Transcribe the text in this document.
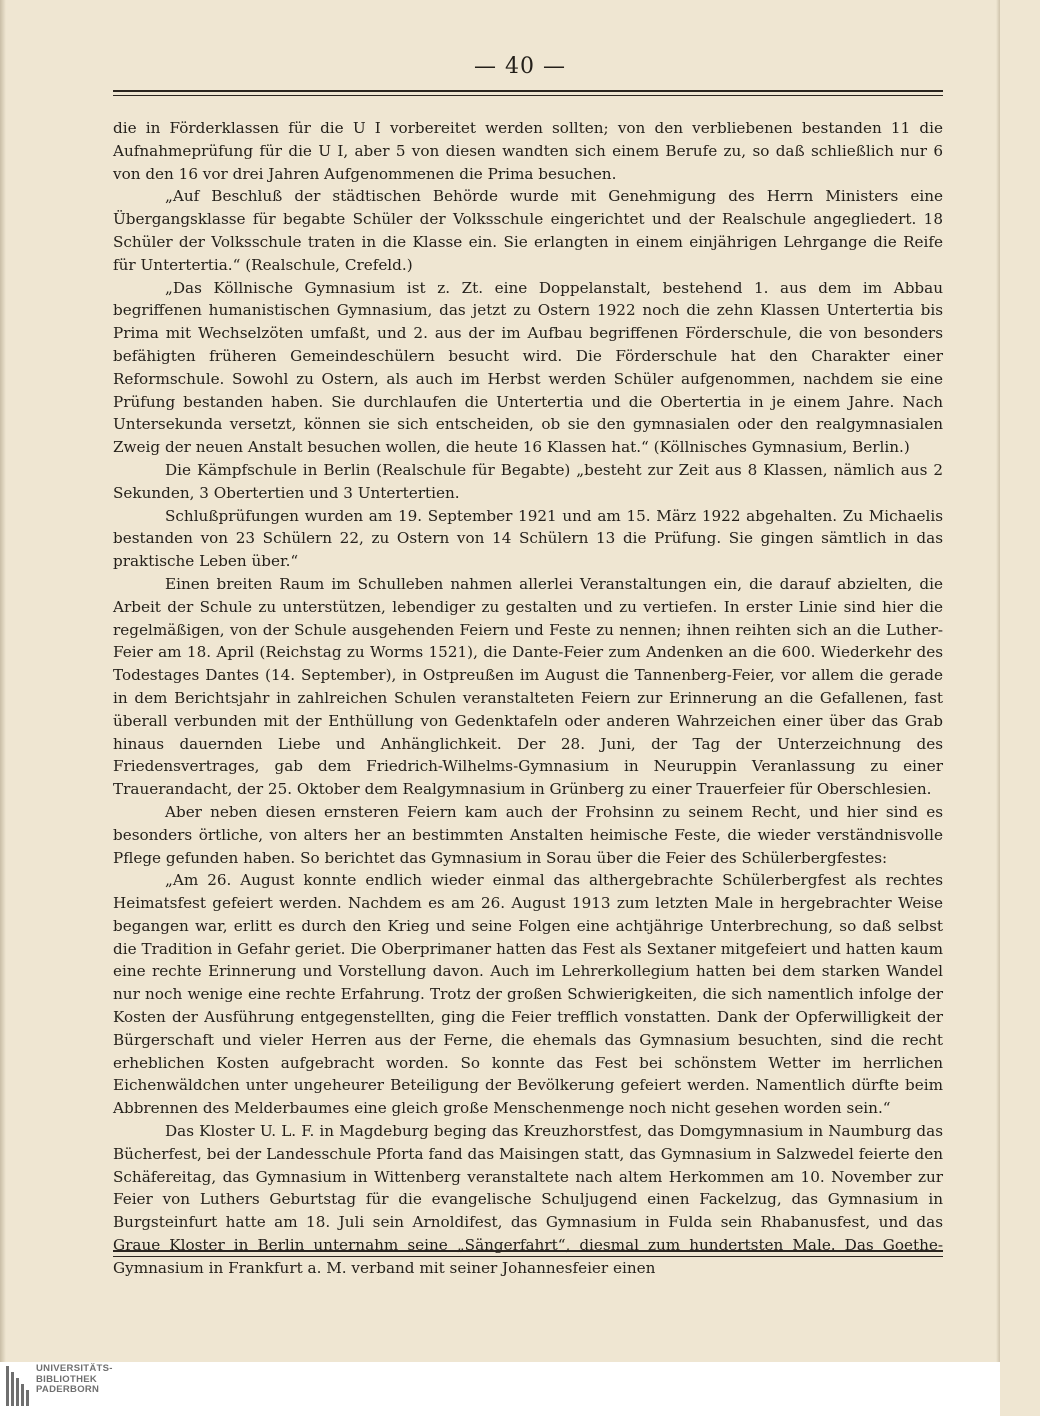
— 40 —

die in Förderklassen für die U I vorbereitet werden sollten; von den verbliebenen bestanden 11 die Aufnahmeprüfung für die U I, aber 5 von diesen wandten sich einem Berufe zu, so daß schließlich nur 6 von den 16 vor drei Jahren Aufgenommenen die Prima besuchen.

„Auf Beschluß der städtischen Behörde wurde mit Genehmigung des Herrn Ministers eine Übergangsklasse für begabte Schüler der Volksschule eingerichtet und der Realschule angegliedert. 18 Schüler der Volksschule traten in die Klasse ein. Sie erlangten in einem einjährigen Lehrgange die Reife für Untertertia.“ (Realschule, Crefeld.)

„Das Köllnische Gymnasium ist z. Zt. eine Doppelanstalt, bestehend 1. aus dem im Abbau begriffenen humanistischen Gymnasium, das jetzt zu Ostern 1922 noch die zehn Klassen Untertertia bis Prima mit Wechselzöten umfaßt, und 2. aus der im Aufbau begriffenen Förderschule, die von besonders befähigten früheren Gemeindeschülern besucht wird. Die Förderschule hat den Charakter einer Reformschule. Sowohl zu Ostern, als auch im Herbst werden Schüler aufgenommen, nachdem sie eine Prüfung bestanden haben. Sie durchlaufen die Untertertia und die Obertertia in je einem Jahre. Nach Untersekunda versetzt, können sie sich entscheiden, ob sie den gymnasialen oder den realgymnasialen Zweig der neuen Anstalt besuchen wollen, die heute 16 Klassen hat.“ (Köllnisches Gymnasium, Berlin.)

Die Kämpfschule in Berlin (Realschule für Begabte) „besteht zur Zeit aus 8 Klassen, nämlich aus 2 Sekunden, 3 Obertertien und 3 Untertertien.

Schlußprüfungen wurden am 19. September 1921 und am 15. März 1922 abgehalten. Zu Michaelis bestanden von 23 Schülern 22, zu Ostern von 14 Schülern 13 die Prüfung. Sie gingen sämtlich in das praktische Leben über.“

Einen breiten Raum im Schulleben nahmen allerlei Veranstaltungen ein, die darauf abzielten, die Arbeit der Schule zu unterstützen, lebendiger zu gestalten und zu vertiefen. In erster Linie sind hier die regelmäßigen, von der Schule ausgehenden Feiern und Feste zu nennen; ihnen reihten sich an die Luther-Feier am 18. April (Reichstag zu Worms 1521), die Dante-Feier zum Andenken an die 600. Wiederkehr des Todestages Dantes (14. September), in Ostpreußen im August die Tannenberg-Feier, vor allem die gerade in dem Berichtsjahr in zahlreichen Schulen veranstalteten Feiern zur Erinnerung an die Gefallenen, fast überall verbunden mit der Enthüllung von Gedenktafeln oder anderen Wahrzeichen einer über das Grab hinaus dauernden Liebe und Anhänglichkeit. Der 28. Juni, der Tag der Unterzeichnung des Friedensvertrages, gab dem Friedrich-Wilhelms-Gymnasium in Neuruppin Veranlassung zu einer Trauerandacht, der 25. Oktober dem Realgymnasium in Grünberg zu einer Trauerfeier für Oberschlesien.

Aber neben diesen ernsteren Feiern kam auch der Frohsinn zu seinem Recht, und hier sind es besonders örtliche, von alters her an bestimmten Anstalten heimische Feste, die wieder verständnisvolle Pflege gefunden haben. So berichtet das Gymnasium in Sorau über die Feier des Schülerbergfestes:

„Am 26. August konnte endlich wieder einmal das althergebrachte Schülerbergfest als rechtes Heimatsfest gefeiert werden. Nachdem es am 26. August 1913 zum letzten Male in hergebrachter Weise begangen war, erlitt es durch den Krieg und seine Folgen eine achtjährige Unterbrechung, so daß selbst die Tradition in Gefahr geriet. Die Oberprimaner hatten das Fest als Sextaner mitgefeiert und hatten kaum eine rechte Erinnerung und Vorstellung davon. Auch im Lehrerkollegium hatten bei dem starken Wandel nur noch wenige eine rechte Erfahrung. Trotz der großen Schwierigkeiten, die sich namentlich infolge der Kosten der Ausführung entgegenstellten, ging die Feier trefflich vonstatten. Dank der Opferwilligkeit der Bürgerschaft und vieler Herren aus der Ferne, die ehemals das Gymnasium besuchten, sind die recht erheblichen Kosten aufgebracht worden. So konnte das Fest bei schönstem Wetter im herrlichen Eichenwäldchen unter ungeheurer Beteiligung der Bevölkerung gefeiert werden. Namentlich dürfte beim Abbrennen des Melderbaumes eine gleich große Menschenmenge noch nicht gesehen worden sein.“

Das Kloster U. L. F. in Magdeburg beging das Kreuzhorstfest, das Domgymnasium in Naumburg das Bücherfest, bei der Landesschule Pforta fand das Maisingen statt, das Gymnasium in Salzwedel feierte den Schäfereitag, das Gymnasium in Wittenberg veranstaltete nach altem Herkommen am 10. November zur Feier von Luthers Geburtstag für die evangelische Schuljugend einen Fackelzug, das Gymnasium in Burgsteinfurt hatte am 18. Juli sein Arnoldifest, das Gymnasium in Fulda sein Rhabanusfest, und das Graue Kloster in Berlin unternahm seine „Sängerfahrt“, diesmal zum hundertsten Male. Das Goethe-Gymnasium in Frankfurt a. M. verband mit seiner Johannesfeier einen

UNIVERSITÄTS-
BIBLIOTHEK
PADERBORN
